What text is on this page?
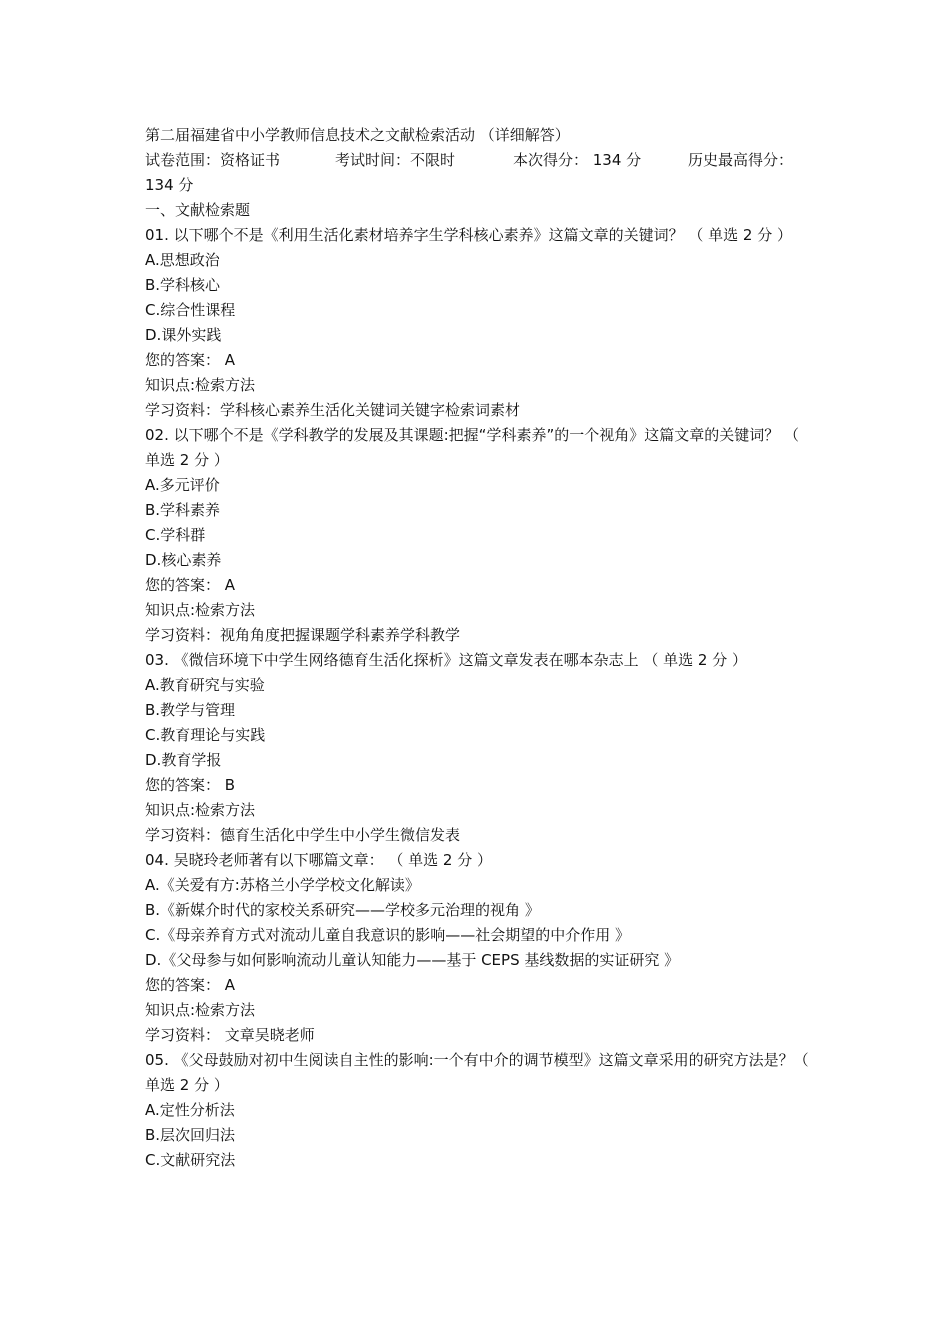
第二届福建省中小学教师信息技术之文献检索活动 （详细解答）
试卷范围：资格证书	考试时间：不限时	本次得分： 134 分	历史最高得分：
134 分
一、文献检索题
01. 以下哪个不是《利用生活化素材培养字生学科核心素养》这篇文章的关键词？ （ 单选 2 分 ）
A.思想政治
B.学科核心
C.综合性课程
D.课外实践
您的答案： A
知识点:检索方法
学习资料：学科核心素养生活化关键词关键字检索词素材
02. 以下哪个不是《学科教学的发展及其课题:把握“学科素养”的一个视角》这篇文章的关键词？ （ 单选 2 分 ）
A.多元评价
B.学科素养
C.学科群
D.核心素养
您的答案： A
知识点:检索方法
学习资料：视角角度把握课题学科素养学科教学
03. 《微信环境下中学生网络德育生活化探析》这篇文章发表在哪本杂志上 （ 单选 2 分 ）
A.教育研究与实验
B.教学与管理
C.教育理论与实践
D.教育学报
您的答案： B
知识点:检索方法
学习资料：德育生活化中学生中小学生微信发表
04. 吴晓玲老师著有以下哪篇文章： （ 单选 2 分 ）
A.《关爱有方:苏格兰小学学校文化解读》
B.《新媒介时代的家校关系研究——学校多元治理的视角 》
C.《母亲养育方式对流动儿童自我意识的影响——社会期望的中介作用 》
D.《父母参与如何影响流动儿童认知能力——基于 CEPS 基线数据的实证研究 》
您的答案： A
知识点:检索方法
学习资料： 文章吴晓老师
05. 《父母鼓励对初中生阅读自主性的影响:一个有中介的调节模型》这篇文章采用的研究方法是？（ 单选 2 分 ）
A.定性分析法
B.层次回归法
C.文献研究法
